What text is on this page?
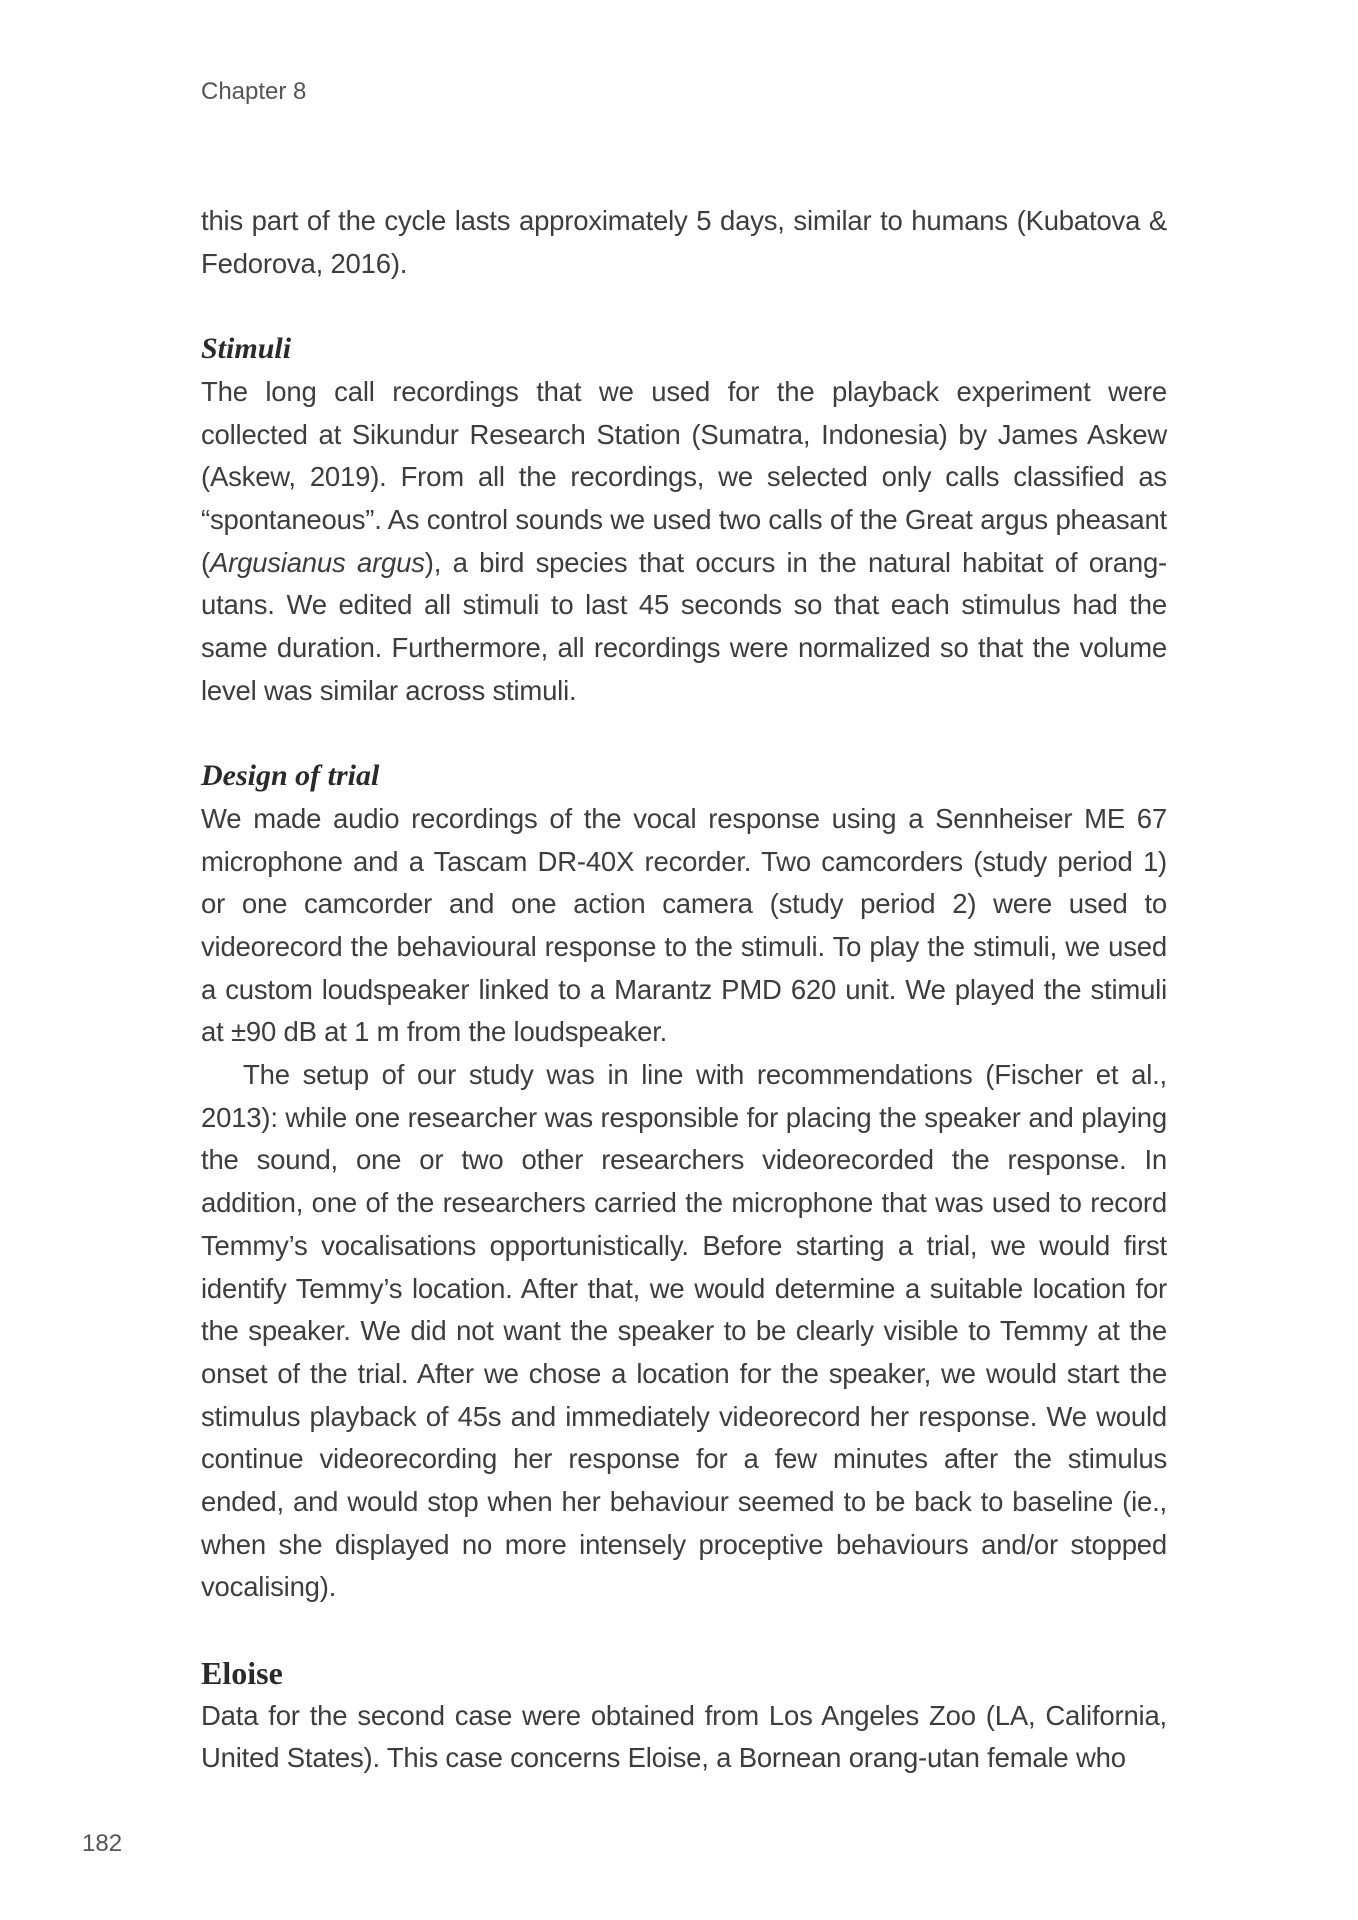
Chapter 8

this part of the cycle lasts approximately 5 days, similar to humans (Kubatova & Fedorova, 2016).

Stimuli

The long call recordings that we used for the playback experiment were collected at Sikundur Research Station (Sumatra, Indonesia) by James Askew (Askew, 2019). From all the recordings, we selected only calls classified as “spontaneous”. As control sounds we used two calls of the Great argus pheasant (Argusianus argus), a bird species that occurs in the natural habitat of orang-utans. We edited all stimuli to last 45 seconds so that each stimulus had the same duration. Furthermore, all recordings were normalized so that the volume level was similar across stimuli.

Design of trial

We made audio recordings of the vocal response using a Sennheiser ME 67 microphone and a Tascam DR-40X recorder. Two camcorders (study period 1) or one camcorder and one action camera (study period 2) were used to videorecord the behavioural response to the stimuli. To play the stimuli, we used a custom loudspeaker linked to a Marantz PMD 620 unit. We played the stimuli at ±90 dB at 1 m from the loudspeaker.

The setup of our study was in line with recommendations (Fischer et al., 2013): while one researcher was responsible for placing the speaker and playing the sound, one or two other researchers videorecorded the response. In addition, one of the researchers carried the microphone that was used to record Temmy’s vocalisations opportunistically. Before starting a trial, we would first identify Temmy’s location. After that, we would determine a suitable location for the speaker. We did not want the speaker to be clearly visible to Temmy at the onset of the trial. After we chose a location for the speaker, we would start the stimulus playback of 45s and immediately videorecord her response. We would continue videorecording her response for a few minutes after the stimulus ended, and would stop when her behaviour seemed to be back to baseline (ie., when she displayed no more intensely proceptive behaviours and/or stopped vocalising).

Eloise

Data for the second case were obtained from Los Angeles Zoo (LA, California, United States). This case concerns Eloise, a Bornean orang-utan female who

182
